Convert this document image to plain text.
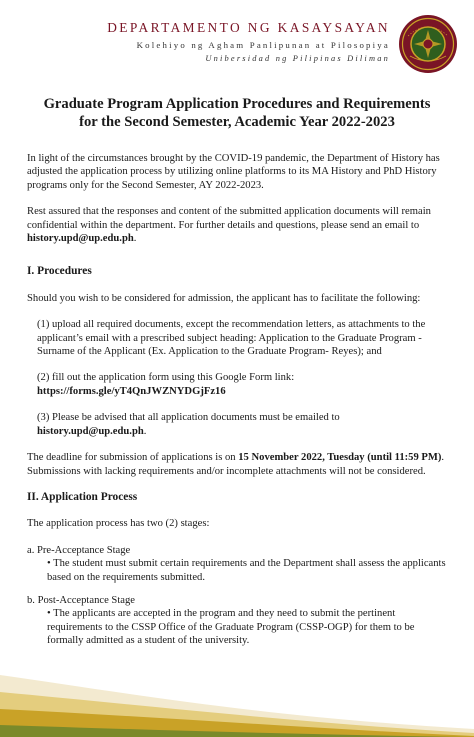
DEPARTAMENTO NG KASAYSAYAN
Kolehiyo ng Agham Panlipunan at Pilosopiya
Unibersidad ng Pilipinas Diliman
Graduate Program Application Procedures and Requirements
for the Second Semester, Academic Year 2022-2023

In light of the circumstances brought by the COVID-19 pandemic, the Department of History has adjusted the application process by utilizing online platforms to its MA History and PhD History programs only for the Second Semester, AY 2022-2023.

Rest assured that the responses and content of the submitted application documents will remain confidential within the department. For further details and questions, please send an email to history.upd@up.edu.ph.

I. Procedures

Should you wish to be considered for admission, the applicant has to facilitate the following:

(1) upload all required documents, except the recommendation letters, as attachments to the applicant’s email with a prescribed subject heading: Application to the Graduate Program - Surname of the Applicant (Ex. Application to the Graduate Program- Reyes); and

(2) fill out the application form using this Google Form link:
https://forms.gle/yT4QnJWZNYDGjFz16

(3) Please be advised that all application documents must be emailed to
history.upd@up.edu.ph.

The deadline for submission of applications is on 15 November 2022, Tuesday (until 11:59 PM). Submissions with lacking requirements and/or incomplete attachments will not be considered.

II. Application Process

The application process has two (2) stages:

a. Pre-Acceptance Stage

• The student must submit certain requirements and the Department shall assess the applicants based on the requirements submitted.

b. Post-Acceptance Stage

• The applicants are accepted in the program and they need to submit the pertinent requirements to the CSSP Office of the Graduate Program (CSSP-OGP) for them to be formally admitted as a student of the university.
